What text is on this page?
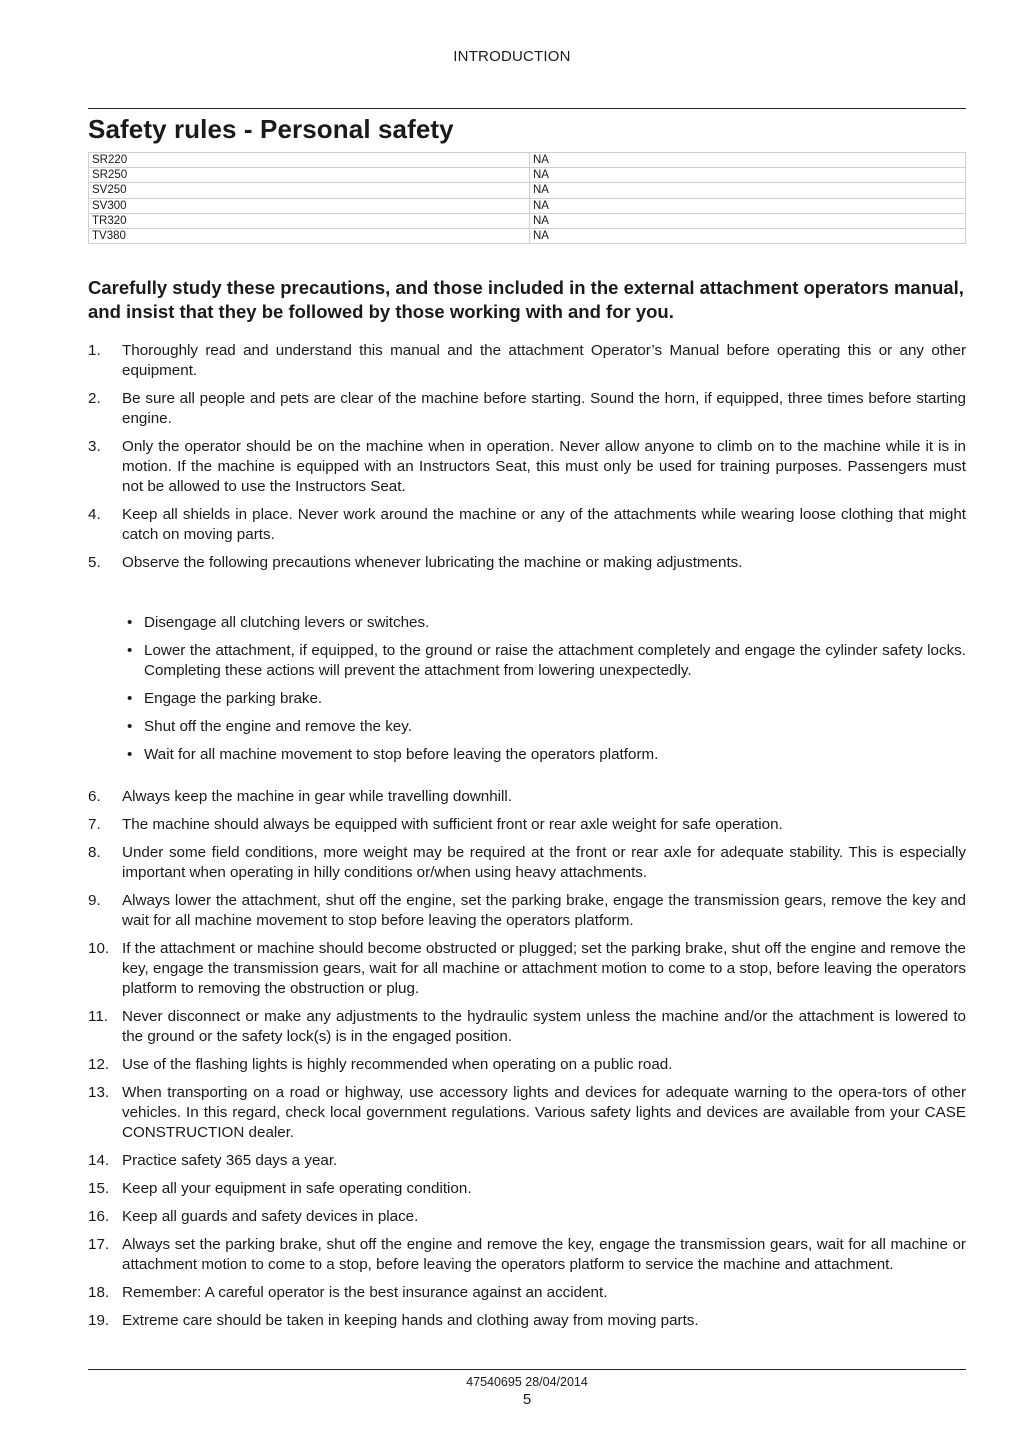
INTRODUCTION
Safety rules - Personal safety
SR220	NA
SR250	NA
SV250	NA
SV300	NA
TR320	NA
TV380	NA

Carefully study these precautions, and those included in the external attachment operators manual, and insist that they be followed by those working with and for you.

1. Thoroughly read and understand this manual and the attachment Operator’s Manual before operating this or any other equipment.
2. Be sure all people and pets are clear of the machine before starting. Sound the horn, if equipped, three times before starting engine.
3. Only the operator should be on the machine when in operation. Never allow anyone to climb on to the machine while it is in motion. If the machine is equipped with an Instructors Seat, this must only be used for training purposes. Passengers must not be allowed to use the Instructors Seat.
4. Keep all shields in place. Never work around the machine or any of the attachments while wearing loose clothing that might catch on moving parts.
5. Observe the following precautions whenever lubricating the machine or making adjustments.
• Disengage all clutching levers or switches.
• Lower the attachment, if equipped, to the ground or raise the attachment completely and engage the cylinder safety locks. Completing these actions will prevent the attachment from lowering unexpectedly.
• Engage the parking brake.
• Shut off the engine and remove the key.
• Wait for all machine movement to stop before leaving the operators platform.
6. Always keep the machine in gear while travelling downhill.
7. The machine should always be equipped with sufficient front or rear axle weight for safe operation.
8. Under some field conditions, more weight may be required at the front or rear axle for adequate stability. This is especially important when operating in hilly conditions or/when using heavy attachments.
9. Always lower the attachment, shut off the engine, set the parking brake, engage the transmission gears, remove the key and wait for all machine movement to stop before leaving the operators platform.
10. If the attachment or machine should become obstructed or plugged; set the parking brake, shut off the engine and remove the key, engage the transmission gears, wait for all machine or attachment motion to come to a stop, before leaving the operators platform to removing the obstruction or plug.
11. Never disconnect or make any adjustments to the hydraulic system unless the machine and/or the attachment is lowered to the ground or the safety lock(s) is in the engaged position.
12. Use of the flashing lights is highly recommended when operating on a public road.
13. When transporting on a road or highway, use accessory lights and devices for adequate warning to the opera-tors of other vehicles. In this regard, check local government regulations. Various safety lights and devices are available from your CASE CONSTRUCTION dealer.
14. Practice safety 365 days a year.
15. Keep all your equipment in safe operating condition.
16. Keep all guards and safety devices in place.
17. Always set the parking brake, shut off the engine and remove the key, engage the transmission gears, wait for all machine or attachment motion to come to a stop, before leaving the operators platform to service the machine and attachment.
18. Remember: A careful operator is the best insurance against an accident.
19. Extreme care should be taken in keeping hands and clothing away from moving parts.
47540695 28/04/2014
5
